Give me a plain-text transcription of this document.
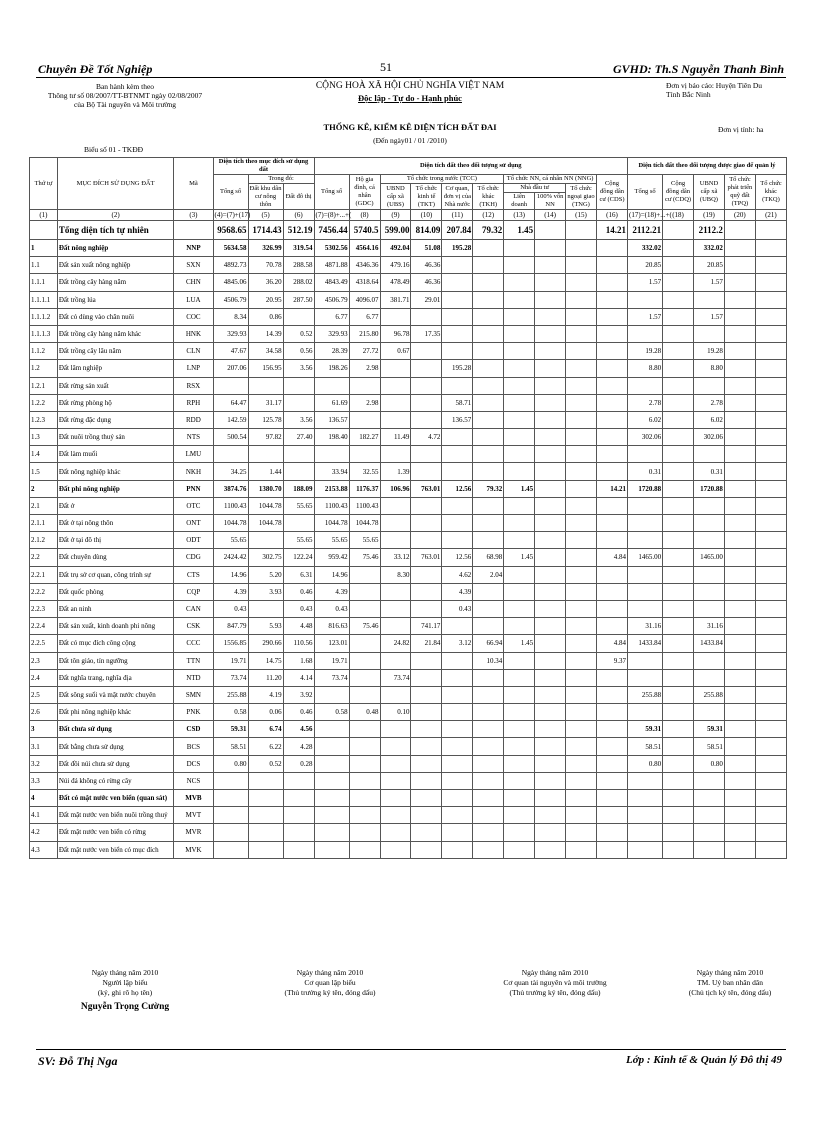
Chuyên Đề Tốt Nghiệp	51	GVHD: Th.S Nguyễn Thanh Bình
Ban hành kèm theo
Thông tư số 08/2007/TT-BTNMT ngày 02/08/2007
của Bộ Tài nguyên và Môi trường
CỘNG HOÀ XÃ HỘI CHỦ NGHĨA VIỆT NAM
Độc lập - Tự do - Hạnh phúc
Đơn vị báo cáo: Huyện Tiên Du
Tỉnh Bắc Ninh
THỐNG KÊ, KIỂM KÊ DIỆN TÍCH ĐẤT ĐAI
(Đến ngày01 / 01 /2010)
Biểu số 01 - TKĐĐ
Đơn vị tính: ha
Thứ tự	MỤC ĐÍCH SỬ DỤNG ĐẤT	Mã	Diện tích theo mục đích sử dụng đất			Diện tích đất theo đối tượng sử dụng										Diện tích đất theo đối tượng được giao để quản lý				
			Tổng số	Trong đó:		Tổng số	Hộ gia đình, cá nhân (GDC)	Tổ chức trong nước (TCC)				Tổ chức NN, cá nhân NN (NNG)			Cộng đồng dân cư (CDS)	Tổng số	Cộng đồng dân cư (CDQ)	UBND cấp xã (UBQ)	Tổ chức phát triển quỹ đất (TPQ)	Tổ chức khác (TKQ)
				Đất khu dân cư nông thôn	Đất đô thị			UBND cấp xã (UBS)	Tổ chức kinh tế (TKT)	Cơ quan, đơn vị của Nhà nước	Tổ chức khác (TKH)	Nhà đầu tư		Tổ chức ngoại giao (TNG)						
												Liên doanh	100% vốn NN							
(1)	(2)	(3)	(4)=(7)+(17)	(5)	(6)	(7)=(8)+...+(	(8)	(9)	(10)	(11)	(12)	(13)	(14)	(15)	(16)	(17)=(18)+...+(	(18)	(19)	(20)	(21)
	Tổng diện tích tự nhiên		9568.65	1714.43	512.19	7456.44	5740.5	599.00	814.09	207.84	79.32	1.45			14.21	2112.21		2112.2		
1	Đất nông nghiệp	NNP	5634.58	326.99	319.54	5302.56	4564.16	492.04	51.08	195.28						332.02		332.02		
1.1	Đất sản xuất nông nghiệp	SXN	4892.73	70.78	288.58	4871.88	4346.36	479.16	46.36							20.85		20.85		
1.1.1	Đất trồng cây hàng năm	CHN	4845.06	36.20	288.02	4843.49	4318.64	478.49	46.36							1.57		1.57		
1.1.1.1	Đất trồng lúa	LUA	4506.79	20.95	287.50	4506.79	4096.07	381.71	29.01											
1.1.1.2	Đất cỏ dùng vào chăn nuôi	COC	8.34	0.86		6.77	6.77									1.57		1.57		
1.1.1.3	Đất trồng cây hàng năm khác	HNK	329.93	14.39	0.52	329.93	215.80	96.78	17.35											
1.1.2	Đất trồng cây lâu năm	CLN	47.67	34.58	0.56	28.39	27.72	0.67								19.28		19.28		
1.2	Đất lâm nghiệp	LNP	207.06	156.95	3.56	198.26	2.98			195.28						8.80		8.80		
1.2.1	Đất rừng sản xuất	RSX																		
1.2.2	Đất rừng phòng hộ	RPH	64.47	31.17		61.69	2.98			58.71						2.78		2.78		
1.2.3	Đất rừng đặc dụng	RDD	142.59	125.78	3.56	136.57				136.57						6.02		6.02		
1.3	Đất nuôi trồng thuỷ sản	NTS	500.54	97.82	27.40	198.40	182.27	11.49	4.72							302.06		302.06		
1.4	Đất làm muối	LMU																		
1.5	Đất nông nghiệp khác	NKH	34.25	1.44		33.94	32.55	1.39								0.31		0.31		
2	Đất phi nông nghiệp	PNN	3874.76	1380.70	188.09	2153.88	1176.37	106.96	763.01	12.56	79.32	1.45			14.21	1720.88		1720.88		
2.1	Đất ở	OTC	1100.43	1044.78	55.65	1100.43	1100.43													
2.1.1	Đất ở tại nông thôn	ONT	1044.78	1044.78		1044.78	1044.78													
2.1.2	Đất ở tại đô thị	ODT	55.65		55.65	55.65	55.65													
2.2	Đất chuyên dùng	CDG	2424.42	302.75	122.24	959.42	75.46	33.12	763.01	12.56	68.98	1.45			4.84	1465.00		1465.00		
2.2.1	Đất trụ sở cơ quan, công trình sự	CTS	14.96	5.20	6.31	14.96		8.30		4.62	2.04									
2.2.2	Đất quốc phòng	CQP	4.39	3.93	0.46	4.39				4.39										
2.2.3	Đất an ninh	CAN	0.43		0.43	0.43				0.43										
2.2.4	Đất sản xuất, kinh doanh phi nông	CSK	847.79	5.93	4.48	816.63	75.46		741.17							31.16		31.16		
2.2.5	Đất có mục đích công cộng	CCC	1556.85	290.66	110.56	123.01		24.82	21.84	3.12	66.94	1.45			4.84	1433.84		1433.84		
2.3	Đất tôn giáo, tín ngưỡng	TTN	19.71	14.75	1.68	19.71					10.34				9.37					
2.4	Đất nghĩa trang, nghĩa địa	NTD	73.74	11.20	4.14	73.74		73.74												
2.5	Đất sông suối và mặt nước chuyên	SMN	255.88	4.19	3.92											255.88		255.88		
2.6	Đất phi nông nghiệp khác	PNK	0.58	0.06	0.46	0.58	0.48	0.10												
3	Đất chưa sử dụng	CSD	59.31	6.74	4.56											59.31		59.31		
3.1	Đất bằng chưa sử dụng	BCS	58.51	6.22	4.28											58.51		58.51		
3.2	Đất đồi núi chưa sử dụng	DCS	0.80	0.52	0.28											0.80		0.80		
3.3	Núi đá không có rừng cây	NCS																		
4	Đất có mặt nước ven biển (quan sát)	MVB																		
4.1	Đất mặt nước ven biển nuôi trồng thuỷ	MVT																		
4.2	Đất mặt nước ven biển có rừng	MVR																		
4.3	Đất mặt nước ven biển có mục đích	MVK																		
Ngày tháng năm 2010
Người lập biểu
(ký, ghi rõ họ tên)
Nguyễn Trọng Cường
Ngày tháng năm 2010
Cơ quan lập biểu
(Thủ trưởng ký tên, đóng dấu)
Ngày tháng năm 2010
Cơ quan tài nguyên và môi trường
(Thủ trưởng ký tên, đóng dấu)
Ngày tháng năm 2010
TM. Uỷ ban nhân dân
(Chủ tịch ký tên, đóng dấu)
SV: Đỗ Thị Nga	Lớp : Kinh tế & Quản lý Đô thị 49
